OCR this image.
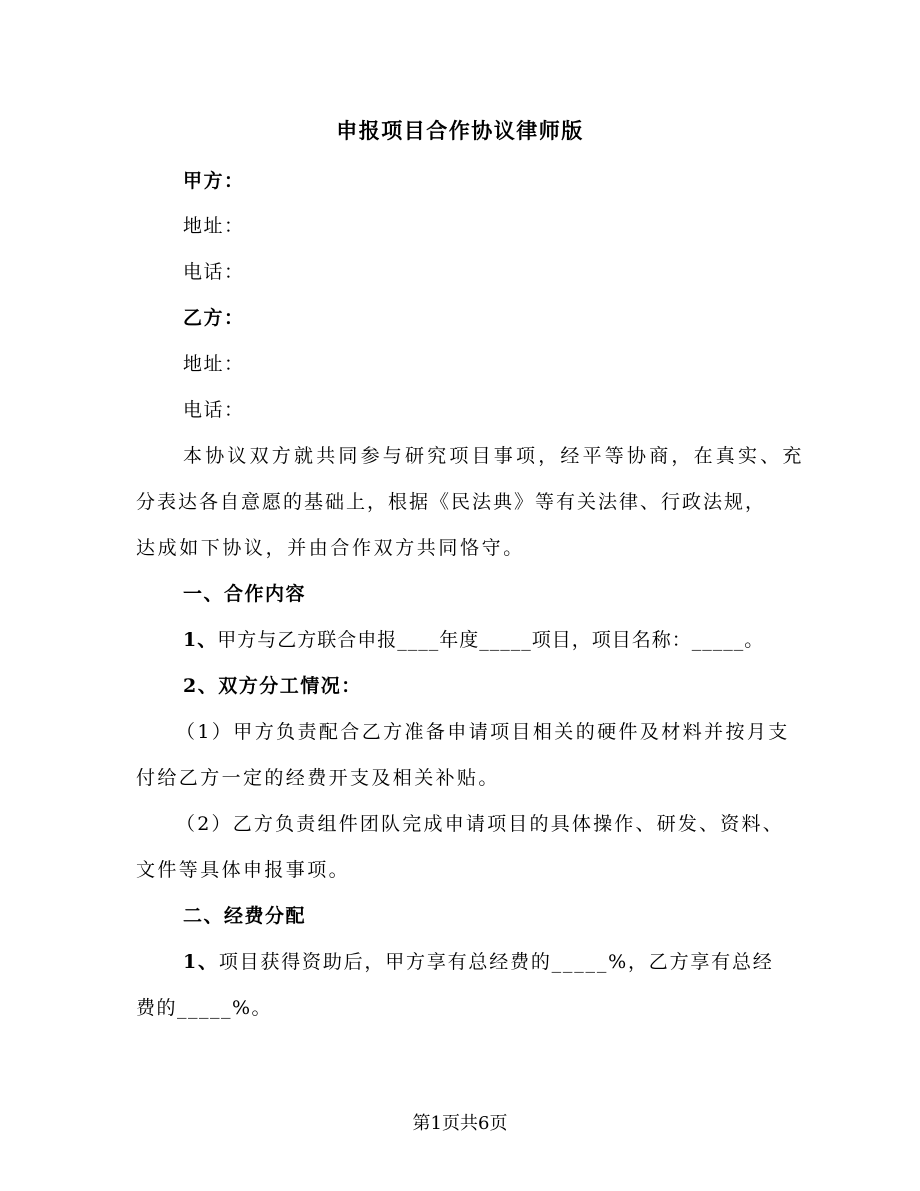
申报项目合作协议律师版
甲方：
地址：
电话：
乙方：
地址：
电话：
本协议双方就共同参与研究项目事项，经平等协商，在真实、充
分表达各自意愿的基础上，根据《民法典》等有关法律、行政法规，
达成如下协议，并由合作双方共同恪守。
一、合作内容
1、甲方与乙方联合申报____年度_____项目，项目名称：_____。
2、双方分工情况：
（1）甲方负责配合乙方准备申请项目相关的硬件及材料并按月支
付给乙方一定的经费开支及相关补贴。
（2）乙方负责组件团队完成申请项目的具体操作、研发、资料、
文件等具体申报事项。
二、经费分配
1、项目获得资助后，甲方享有总经费的_____%，乙方享有总经
费的_____%。
第1页共6页
